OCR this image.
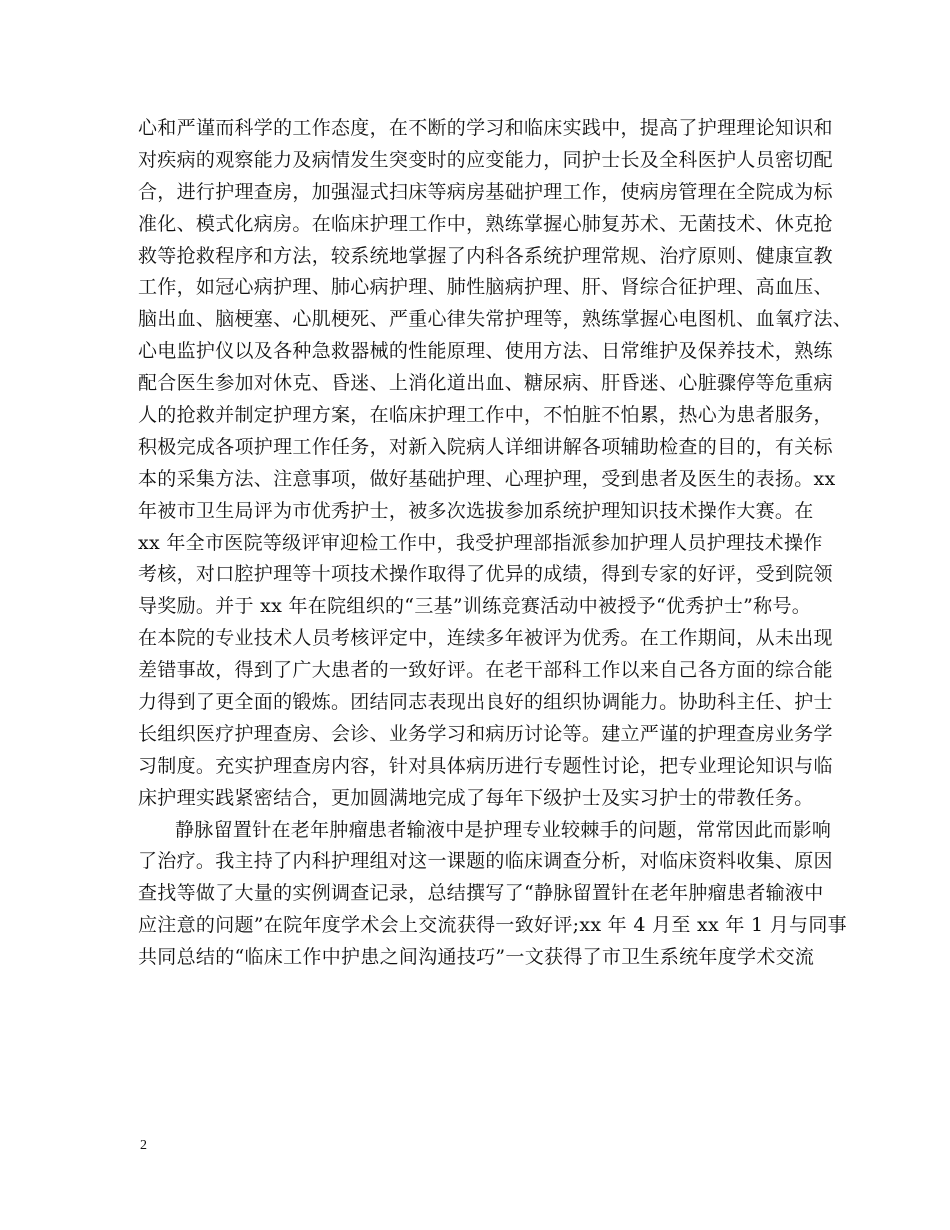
心和严谨而科学的工作态度，在不断的学习和临床实践中，提高了护理理论知识和
对疾病的观察能力及病情发生突变时的应变能力，同护士长及全科医护人员密切配
合，进行护理查房，加强湿式扫床等病房基础护理工作，使病房管理在全院成为标
准化、模式化病房。在临床护理工作中，熟练掌握心肺复苏术、无菌技术、休克抢
救等抢救程序和方法，较系统地掌握了内科各系统护理常规、治疗原则、健康宣教
工作，如冠心病护理、肺心病护理、肺性脑病护理、肝、肾综合征护理、高血压、
脑出血、脑梗塞、心肌梗死、严重心律失常护理等，熟练掌握心电图机、血氧疗法、
心电监护仪以及各种急救器械的性能原理、使用方法、日常维护及保养技术，熟练
配合医生参加对休克、昏迷、上消化道出血、糖尿病、肝昏迷、心脏骤停等危重病
人的抢救并制定护理方案，在临床护理工作中，不怕脏不怕累，热心为患者服务，
积极完成各项护理工作任务，对新入院病人详细讲解各项辅助检查的目的，有关标
本的采集方法、注意事项，做好基础护理、心理护理，受到患者及医生的表扬。xx
年被市卫生局评为市优秀护士，被多次选拔参加系统护理知识技术操作大赛。在
xx 年全市医院等级评审迎检工作中，我受护理部指派参加护理人员护理技术操作
考核，对口腔护理等十项技术操作取得了优异的成绩，得到专家的好评，受到院领
导奖励。并于 xx 年在院组织的“三基”训练竞赛活动中被授予“优秀护士”称号。
在本院的专业技术人员考核评定中，连续多年被评为优秀。在工作期间，从未出现
差错事故，得到了广大患者的一致好评。在老干部科工作以来自己各方面的综合能
力得到了更全面的锻炼。团结同志表现出良好的组织协调能力。协助科主任、护士
长组织医疗护理查房、会诊、业务学习和病历讨论等。建立严谨的护理查房业务学
习制度。充实护理查房内容，针对具体病历进行专题性讨论，把专业理论知识与临
床护理实践紧密结合，更加圆满地完成了每年下级护士及实习护士的带教任务。
静脉留置针在老年肿瘤患者输液中是护理专业较棘手的问题，常常因此而影响
了治疗。我主持了内科护理组对这一课题的临床调查分析，对临床资料收集、原因
查找等做了大量的实例调查记录，总结撰写了“静脉留置针在老年肿瘤患者输液中
应注意的问题”在院年度学术会上交流获得一致好评;xx 年 4 月至 xx 年 1 月与同事
共同总结的“临床工作中护患之间沟通技巧”一文获得了市卫生系统年度学术交流
2
